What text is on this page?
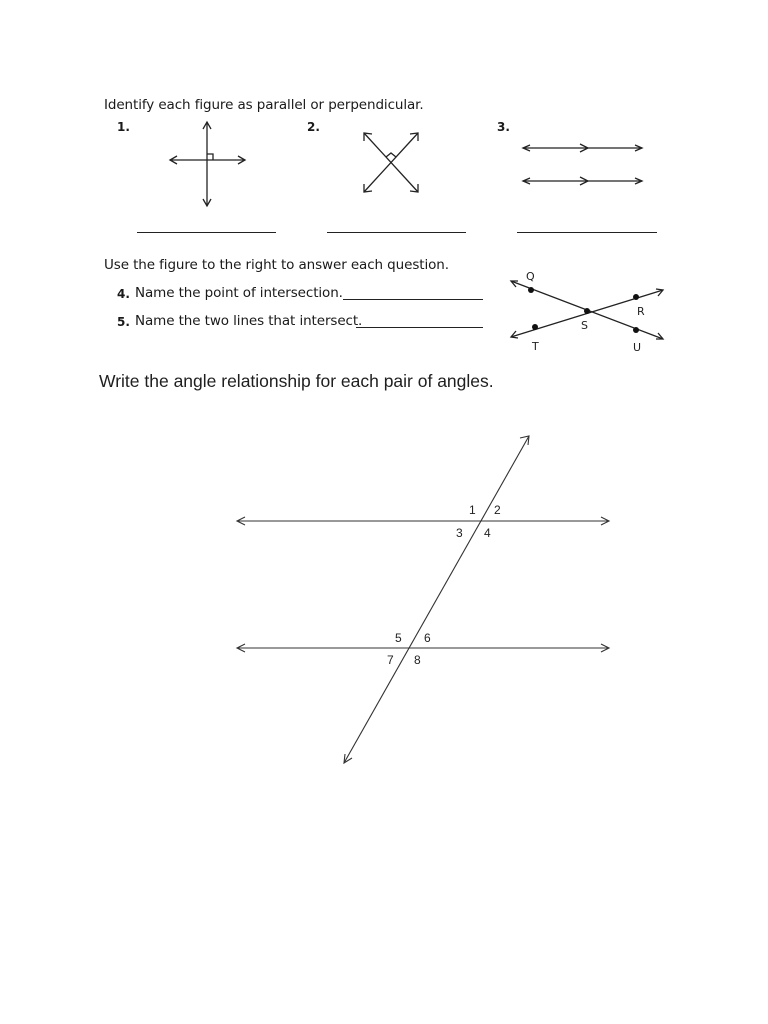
Identify each figure as parallel or perpendicular.
1.	2.	3.
Use the figure to the right to answer each question.
4. Name the point of intersection.
5. Name the two lines that intersect.
Q
R
S
T	U
Write the angle relationship for each pair of angles.
1 2
3 4
5 6
7 8
